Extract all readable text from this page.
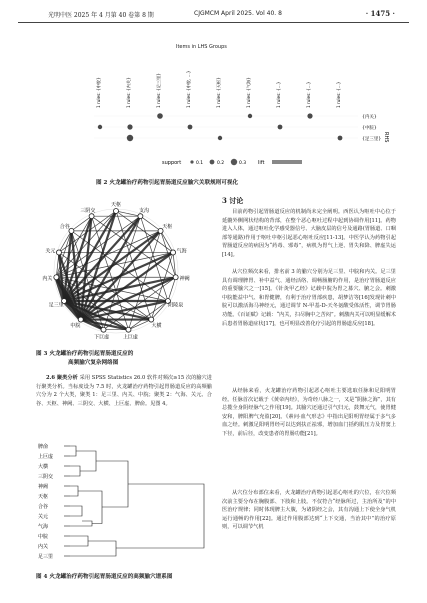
光明中医 2025 年 4 月第 40 卷第 8 期	CJGMCM April 2025. Vol 40. 8	· 1475 ·
Items in LHS Groups
1 rules: {中脘}	1 rules: {内关}	1 rules: {足三里}	1 rules: {中脘, ...}	1 rules: {天枢}	1 rules: {气海}	1 rules: {...}	1 rules: {...}	1 rules: {...}
{内关}
{中脘}
{足三里} RHS
support	0.1	0.2	0.3 lift
图 2 火龙罐治疗药物引起胃肠道反应腧穴关联规则可视化
天枢
支沟
天枢
气海
神阙
阴陵泉
大横
上巨虚
下巨虚
中脘
足三里
内关
关元
合谷
三阴交
图 3 火龙罐治疗药物引起胃肠道反应的
高频腧穴复杂网络图
2.6 聚类分析 采用 SPSS Statistics 26.0 软件对频次≥15 次的腧穴进行聚类分析。当标度设为 7.5 时，火龙罐治疗药物引起胃肠道反应的高频腧穴分为 2 个大类，聚类 1：足三里、内关、中脘；聚类 2：气海、关元、合谷、天枢、神阙、三阴交、大横、上巨虚、脾俞。见图 4。
脾俞
上巨虚
大横
三阴交
神阙
天枢
合谷
关元
气海
中脘
内关
足三里
图 4 火龙罐治疗药物引起胃肠道反应的高频腧穴谱系图
3 讨论
目前药物引起胃肠道反应的机制尚未完全阐明。西医认为呕吐中心位于延髓外侧网状结构的背部，在整个恶心呕吐过程中起到协调作用[11]。药物进入人体，通过呕吐化学感受器信号、大脑皮层的信号及通路(胃肠道、口咽部等通路)作用于呕吐中枢引起恶心呕吐反应[11-13]。中医学认为药物引起胃肠道反应的病因为“药毒、邪毒”，病机为胃气上逆、胃失和降、脾虚失运[14]。
从穴位频次来看，排名前 3 的腧穴分别为足三里、中脘和内关。足三里具有调理脾胃、补中益气、通经活络、调畅肠腑的作用，是治疗胃肠道反应的重要腧穴之一[15]。《针灸甲乙经》记载中脘为胃之募穴、腑之会。刺激中脘能益中气、和胃健脾，有利于治疗胃部疾患，胡梦洁等[16]发现针刺中脘可以激活海马神经元，通过调节 N-甲基-D-天冬氨酸受体活性，调节胃肠功能。《百证赋》记载：“内关，扫尽胸中之苦闷”。刺激内关可以明显缓解术后患者胃肠道症状[17]，也可明显改善化疗引起的胃肠道反应[18]。
从经脉来看，火龙罐治疗药物引起恶心呕吐主要选取任脉和足阳明胃经。任脉首次记载于《黄帝内经》，为奇经八脉之一，又是“阴脉之海”，其有总揽全身阴经脉气之作用[19]。其腧穴还通过引气归元，鼓舞元气，使胃健安和，脾阳脾气充盈[20]。《素问·血气形志》中指出足阳明胃经属于多气多血之经。刺激足阳明胃经可以达到扶正祛邪，增加血门括约肌压力及胃窦上下径，前后径，改变患者的胃肠功能[21]。
从穴位分布部位来看，火龙罐治疗药物引起恶心呕吐的穴位，在穴位频次前主要分布在胸腹部、下肢和上肢。不仅符合“经脉所过，主治所及”的中医治疗规律；同时体现脾主大腹，为诸阴经之会，其有沟通上下使全身气机运行通畅的作用[22]。通过作用腹部达到“上下交通，当治其中”的治疗原则，可以调节气机
